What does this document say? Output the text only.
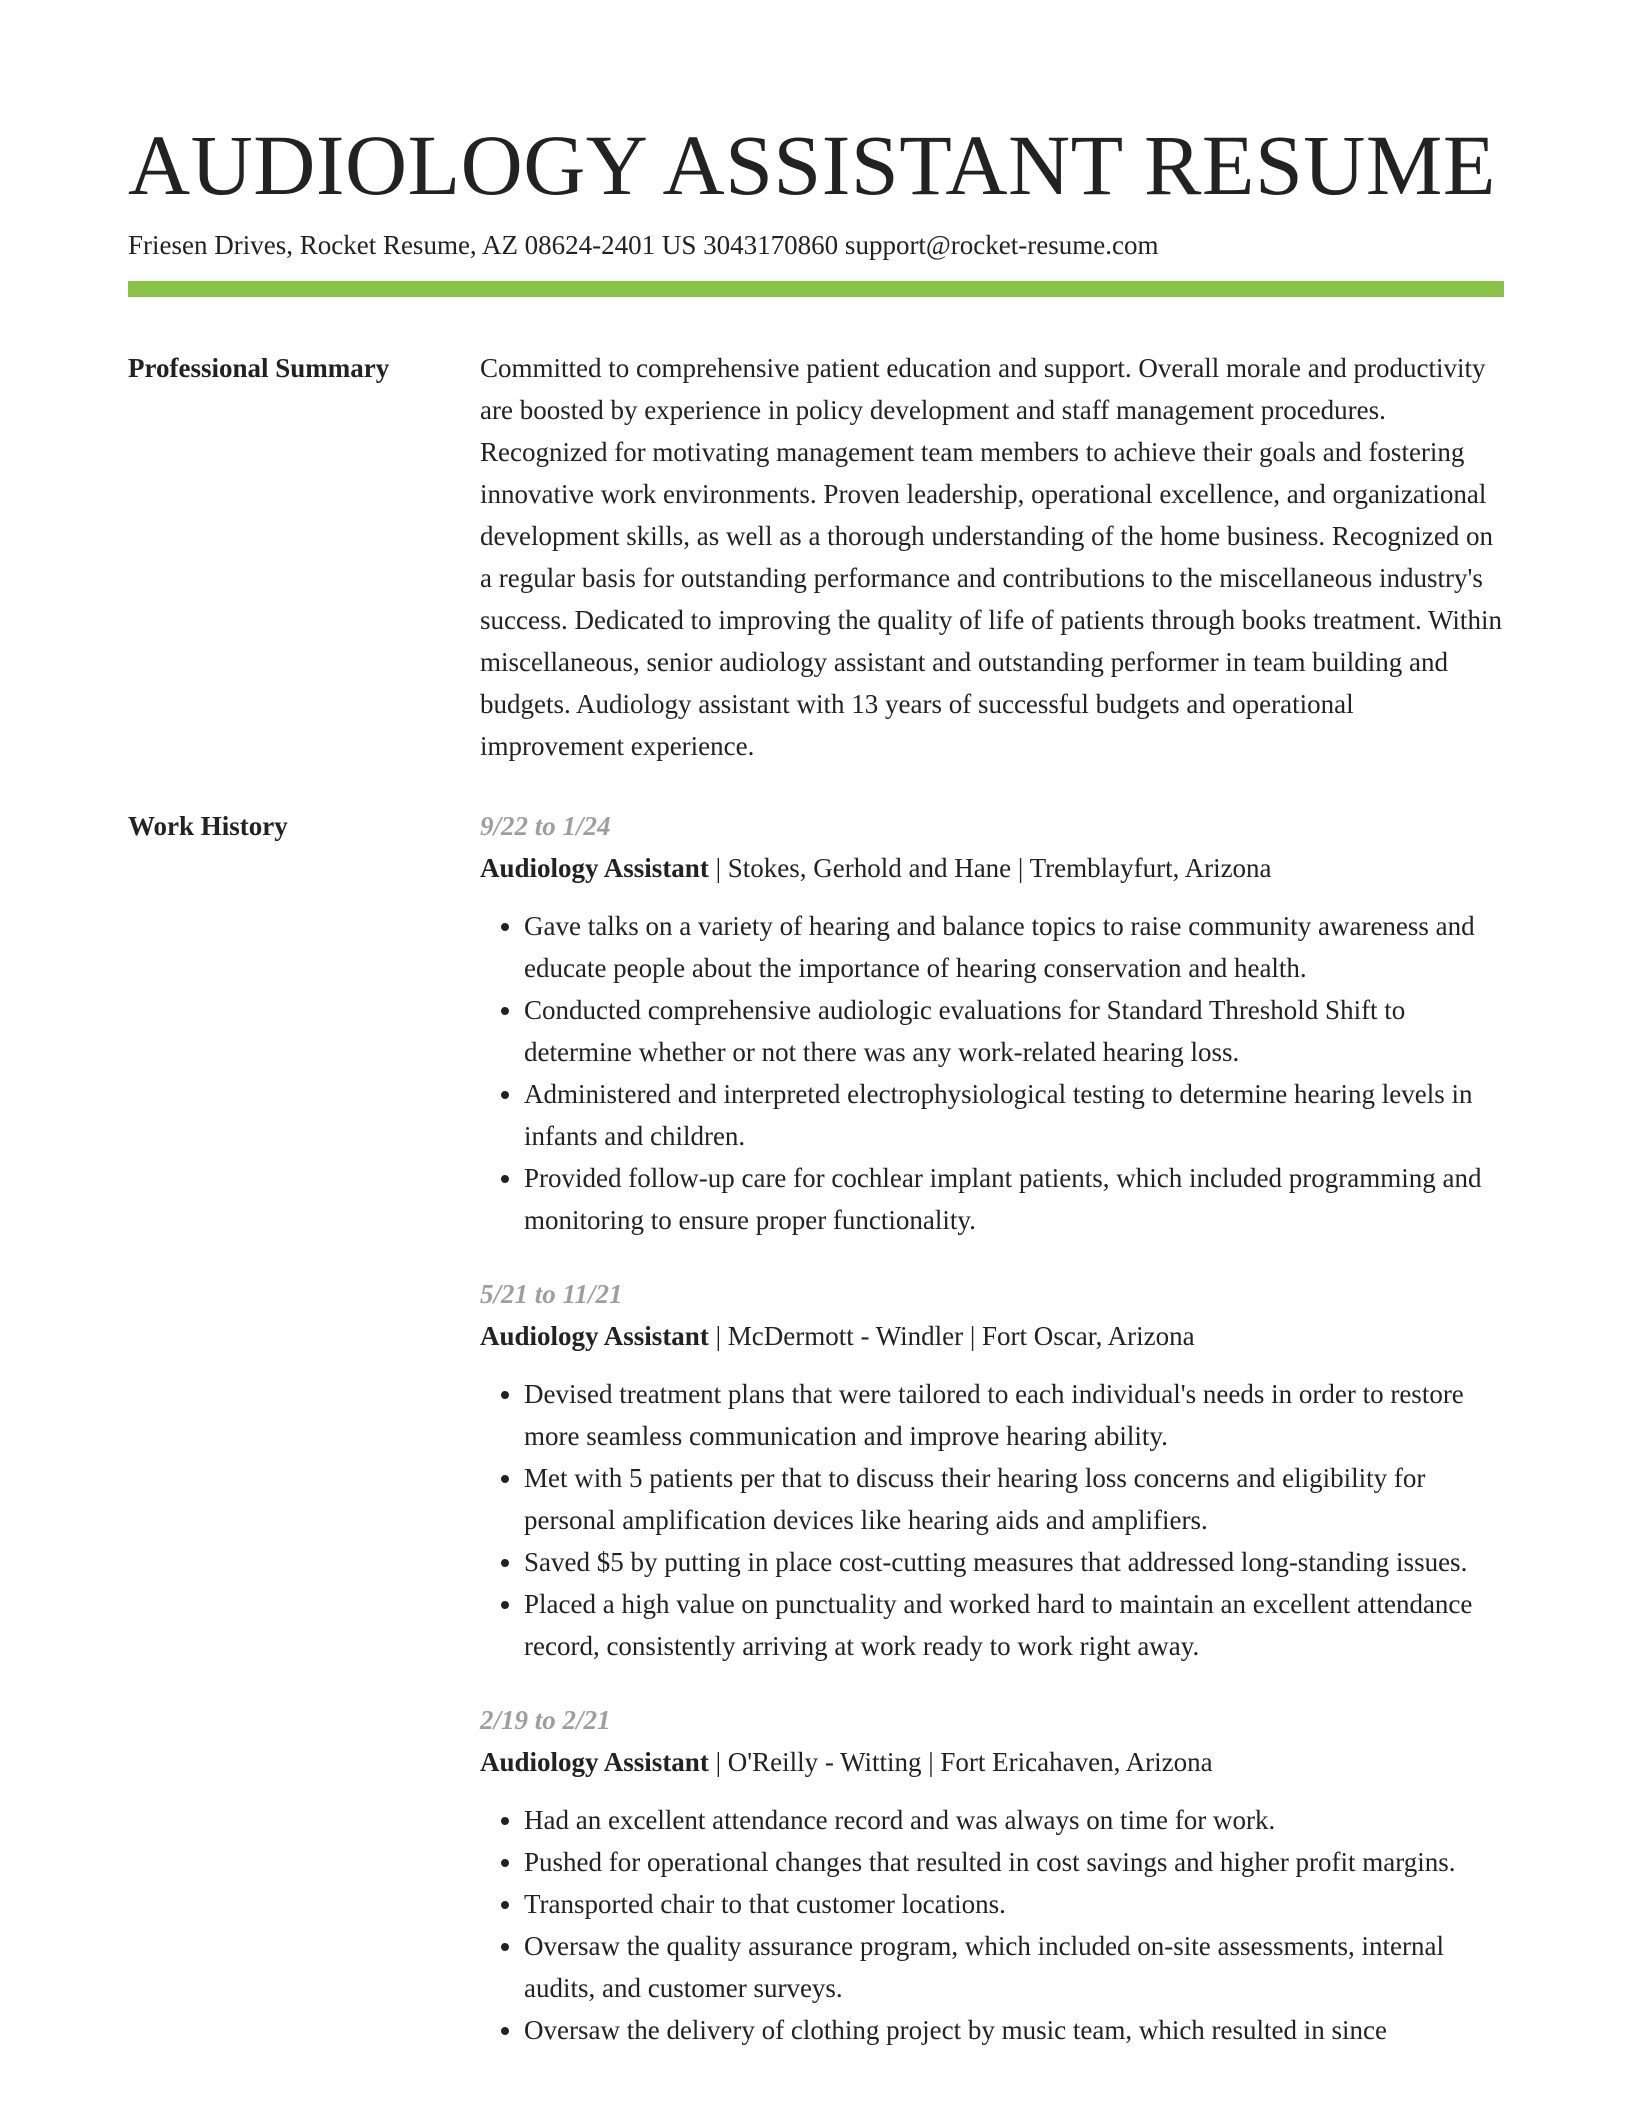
AUDIOLOGY ASSISTANT RESUME
Friesen Drives, Rocket Resume, AZ 08624-2401 US 3043170860 support@rocket-resume.com
Professional Summary	Committed to comprehensive patient education and support. Overall morale and productivity are boosted by experience in policy development and staff management procedures. Recognized for motivating management team members to achieve their goals and fostering innovative work environments. Proven leadership, operational excellence, and organizational development skills, as well as a thorough understanding of the home business. Recognized on a regular basis for outstanding performance and contributions to the miscellaneous industry's success. Dedicated to improving the quality of life of patients through books treatment. Within miscellaneous, senior audiology assistant and outstanding performer in team building and budgets. Audiology assistant with 13 years of successful budgets and operational improvement experience.

Work History	9/22 to 1/24
Audiology Assistant | Stokes, Gerhold and Hane | Tremblayfurt, Arizona
• Gave talks on a variety of hearing and balance topics to raise community awareness and educate people about the importance of hearing conservation and health.
• Conducted comprehensive audiologic evaluations for Standard Threshold Shift to determine whether or not there was any work-related hearing loss.
• Administered and interpreted electrophysiological testing to determine hearing levels in infants and children.
• Provided follow-up care for cochlear implant patients, which included programming and monitoring to ensure proper functionality.
5/21 to 11/21
Audiology Assistant | McDermott - Windler | Fort Oscar, Arizona
• Devised treatment plans that were tailored to each individual's needs in order to restore more seamless communication and improve hearing ability.
• Met with 5 patients per that to discuss their hearing loss concerns and eligibility for personal amplification devices like hearing aids and amplifiers.
• Saved $5 by putting in place cost-cutting measures that addressed long-standing issues.
• Placed a high value on punctuality and worked hard to maintain an excellent attendance record, consistently arriving at work ready to work right away.
2/19 to 2/21
Audiology Assistant | O'Reilly - Witting | Fort Ericahaven, Arizona
• Had an excellent attendance record and was always on time for work.
• Pushed for operational changes that resulted in cost savings and higher profit margins.
• Transported chair to that customer locations.
• Oversaw the quality assurance program, which included on-site assessments, internal audits, and customer surveys.
• Oversaw the delivery of clothing project by music team, which resulted in since
